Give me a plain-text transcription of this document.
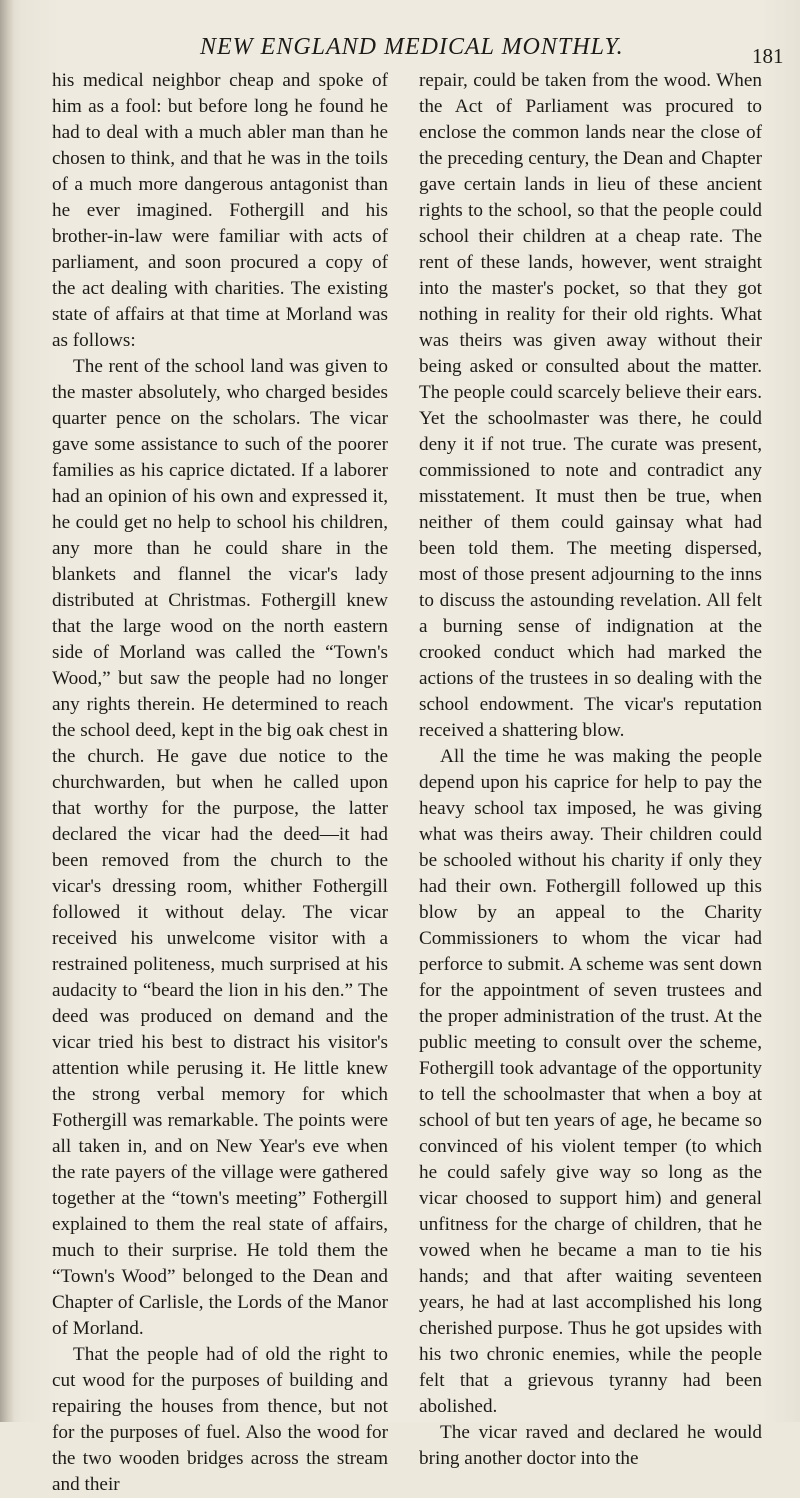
NEW ENGLAND MEDICAL MONTHLY.	181

his medical neighbor cheap and spoke of him as a fool: but before long he found he had to deal with a much abler man than he chosen to think, and that he was in the toils of a much more dangerous antagonist than he ever imagined. Fothergill and his brother-in-law were familiar with acts of parliament, and soon procured a copy of the act dealing with charities. The existing state of affairs at that time at Morland was as follows:

The rent of the school land was given to the master absolutely, who charged besides quarter pence on the scholars. The vicar gave some assistance to such of the poorer families as his caprice dictated. If a laborer had an opinion of his own and expressed it, he could get no help to school his children, any more than he could share in the blankets and flannel the vicar's lady distributed at Christmas. Fothergill knew that the large wood on the north eastern side of Morland was called the “Town's Wood,” but saw the people had no longer any rights therein. He determined to reach the school deed, kept in the big oak chest in the church. He gave due notice to the churchwarden, but when he called upon that worthy for the purpose, the latter declared the vicar had the deed—it had been removed from the church to the vicar's dressing room, whither Fothergill followed it without delay. The vicar received his unwelcome visitor with a restrained politeness, much surprised at his audacity to “beard the lion in his den.” The deed was produced on demand and the vicar tried his best to distract his visitor's attention while perusing it. He little knew the strong verbal memory for which Fothergill was remarkable. The points were all taken in, and on New Year's eve when the rate payers of the village were gathered together at the “town's meeting” Fothergill explained to them the real state of affairs, much to their surprise. He told them the “Town's Wood” belonged to the Dean and Chapter of Carlisle, the Lords of the Manor of Morland.

That the people had of old the right to cut wood for the purposes of building and repairing the houses from thence, but not for the purposes of fuel. Also the wood for the two wooden bridges across the stream and their

repair, could be taken from the wood. When the Act of Parliament was procured to enclose the common lands near the close of the preceding century, the Dean and Chapter gave certain lands in lieu of these ancient rights to the school, so that the people could school their children at a cheap rate. The rent of these lands, however, went straight into the master's pocket, so that they got nothing in reality for their old rights. What was theirs was given away without their being asked or consulted about the matter. The people could scarcely believe their ears. Yet the schoolmaster was there, he could deny it if not true. The curate was present, commissioned to note and contradict any misstatement. It must then be true, when neither of them could gainsay what had been told them. The meeting dispersed, most of those present adjourning to the inns to discuss the astounding revelation. All felt a burning sense of indignation at the crooked conduct which had marked the actions of the trustees in so dealing with the school endowment. The vicar's reputation received a shattering blow.

All the time he was making the people depend upon his caprice for help to pay the heavy school tax imposed, he was giving what was theirs away. Their children could be schooled without his charity if only they had their own. Fothergill followed up this blow by an appeal to the Charity Commissioners to whom the vicar had perforce to submit. A scheme was sent down for the appointment of seven trustees and the proper administration of the trust. At the public meeting to consult over the scheme, Fothergill took advantage of the opportunity to tell the schoolmaster that when a boy at school of but ten years of age, he became so convinced of his violent temper (to which he could safely give way so long as the vicar choosed to support him) and general unfitness for the charge of children, that he vowed when he became a man to tie his hands; and that after waiting seventeen years, he had at last accomplished his long cherished purpose. Thus he got upsides with his two chronic enemies, while the people felt that a grievous tyranny had been abolished.

The vicar raved and declared he would bring another doctor into the
